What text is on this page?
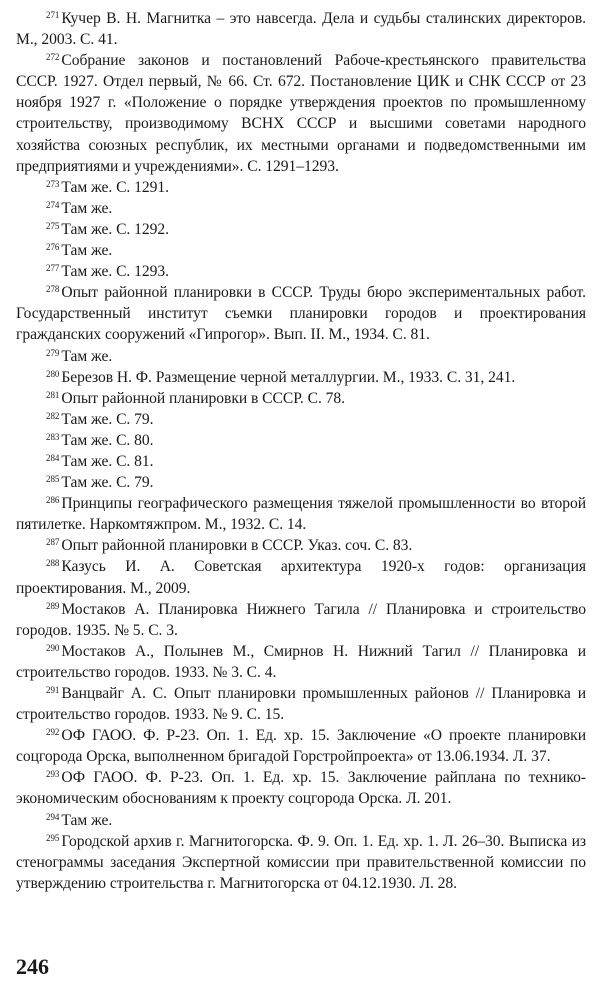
$^{271}$ Кучер В. Н. Магнитка – это навсегда. Дела и судьбы сталинских директоров. М., 2003. С. 41.

$^{272}$ Собрание законов и постановлений Рабоче-крестьянского правительства СССР. 1927. Отдел первый, № 66. Ст. 672. Постановление ЦИК и СНК СССР от 23 ноября 1927 г. «Положение о порядке утверждения проектов по промышленному строительству, производимому ВСНХ СССР и высшими советами народного хозяйства союзных республик, их местными органами и подведомственными им предприятиями и учреждениями». С. 1291–1293.

$^{273}$ Там же. С. 1291.

$^{274}$ Там же.

$^{275}$ Там же. С. 1292.

$^{276}$ Там же.

$^{277}$ Там же. С. 1293.

$^{278}$ Опыт районной планировки в СССР. Труды бюро экспериментальных работ. Государственный институт съемки планировки городов и проектирования гражданских сооружений «Гипрогор». Вып. II. М., 1934. С. 81.

$^{279}$ Там же.

$^{280}$ Березов Н. Ф. Размещение черной металлургии. М., 1933. С. 31, 241.

$^{281}$ Опыт районной планировки в СССР. С. 78.

$^{282}$ Там же. С. 79.

$^{283}$ Там же. С. 80.

$^{284}$ Там же. С. 81.

$^{285}$ Там же. С. 79.

$^{286}$ Принципы географического размещения тяжелой промышленности во второй пятилетке. Наркомтяжпром. М., 1932. С. 14.

$^{287}$ Опыт районной планировки в СССР. Указ. соч. С. 83.

$^{288}$ Казусь И. А. Советская архитектура 1920-х годов: организация проектирования. М., 2009.

$^{289}$ Мостаков А. Планировка Нижнего Тагила // Планировка и строительство городов. 1935. № 5. С. 3.

$^{290}$ Мостаков А., Полынев М., Смирнов Н. Нижний Тагил // Планировка и строительство городов. 1933. № 3. С. 4.

$^{291}$ Ванцвайг А. С. Опыт планировки промышленных районов // Планировка и строительство городов. 1933. № 9. С. 15.

$^{292}$ ОФ ГАОО. Ф. Р-23. Оп. 1. Ед. хр. 15. Заключение «О проекте планировки соцгорода Орска, выполненном бригадой Горстройпроекта» от 13.06.1934. Л. 37.

$^{293}$ ОФ ГАОО. Ф. Р-23. Оп. 1. Ед. хр. 15. Заключение райплана по технико-экономическим обоснованиям к проекту соцгорода Орска. Л. 201.

$^{294}$ Там же.

$^{295}$ Городской архив г. Магнитогорска. Ф. 9. Оп. 1. Ед. хр. 1. Л. 26–30. Выписка из стенограммы заседания Экспертной комиссии при правительственной комиссии по утверждению строительства г. Магнитогорска от 04.12.1930. Л. 28.

246
